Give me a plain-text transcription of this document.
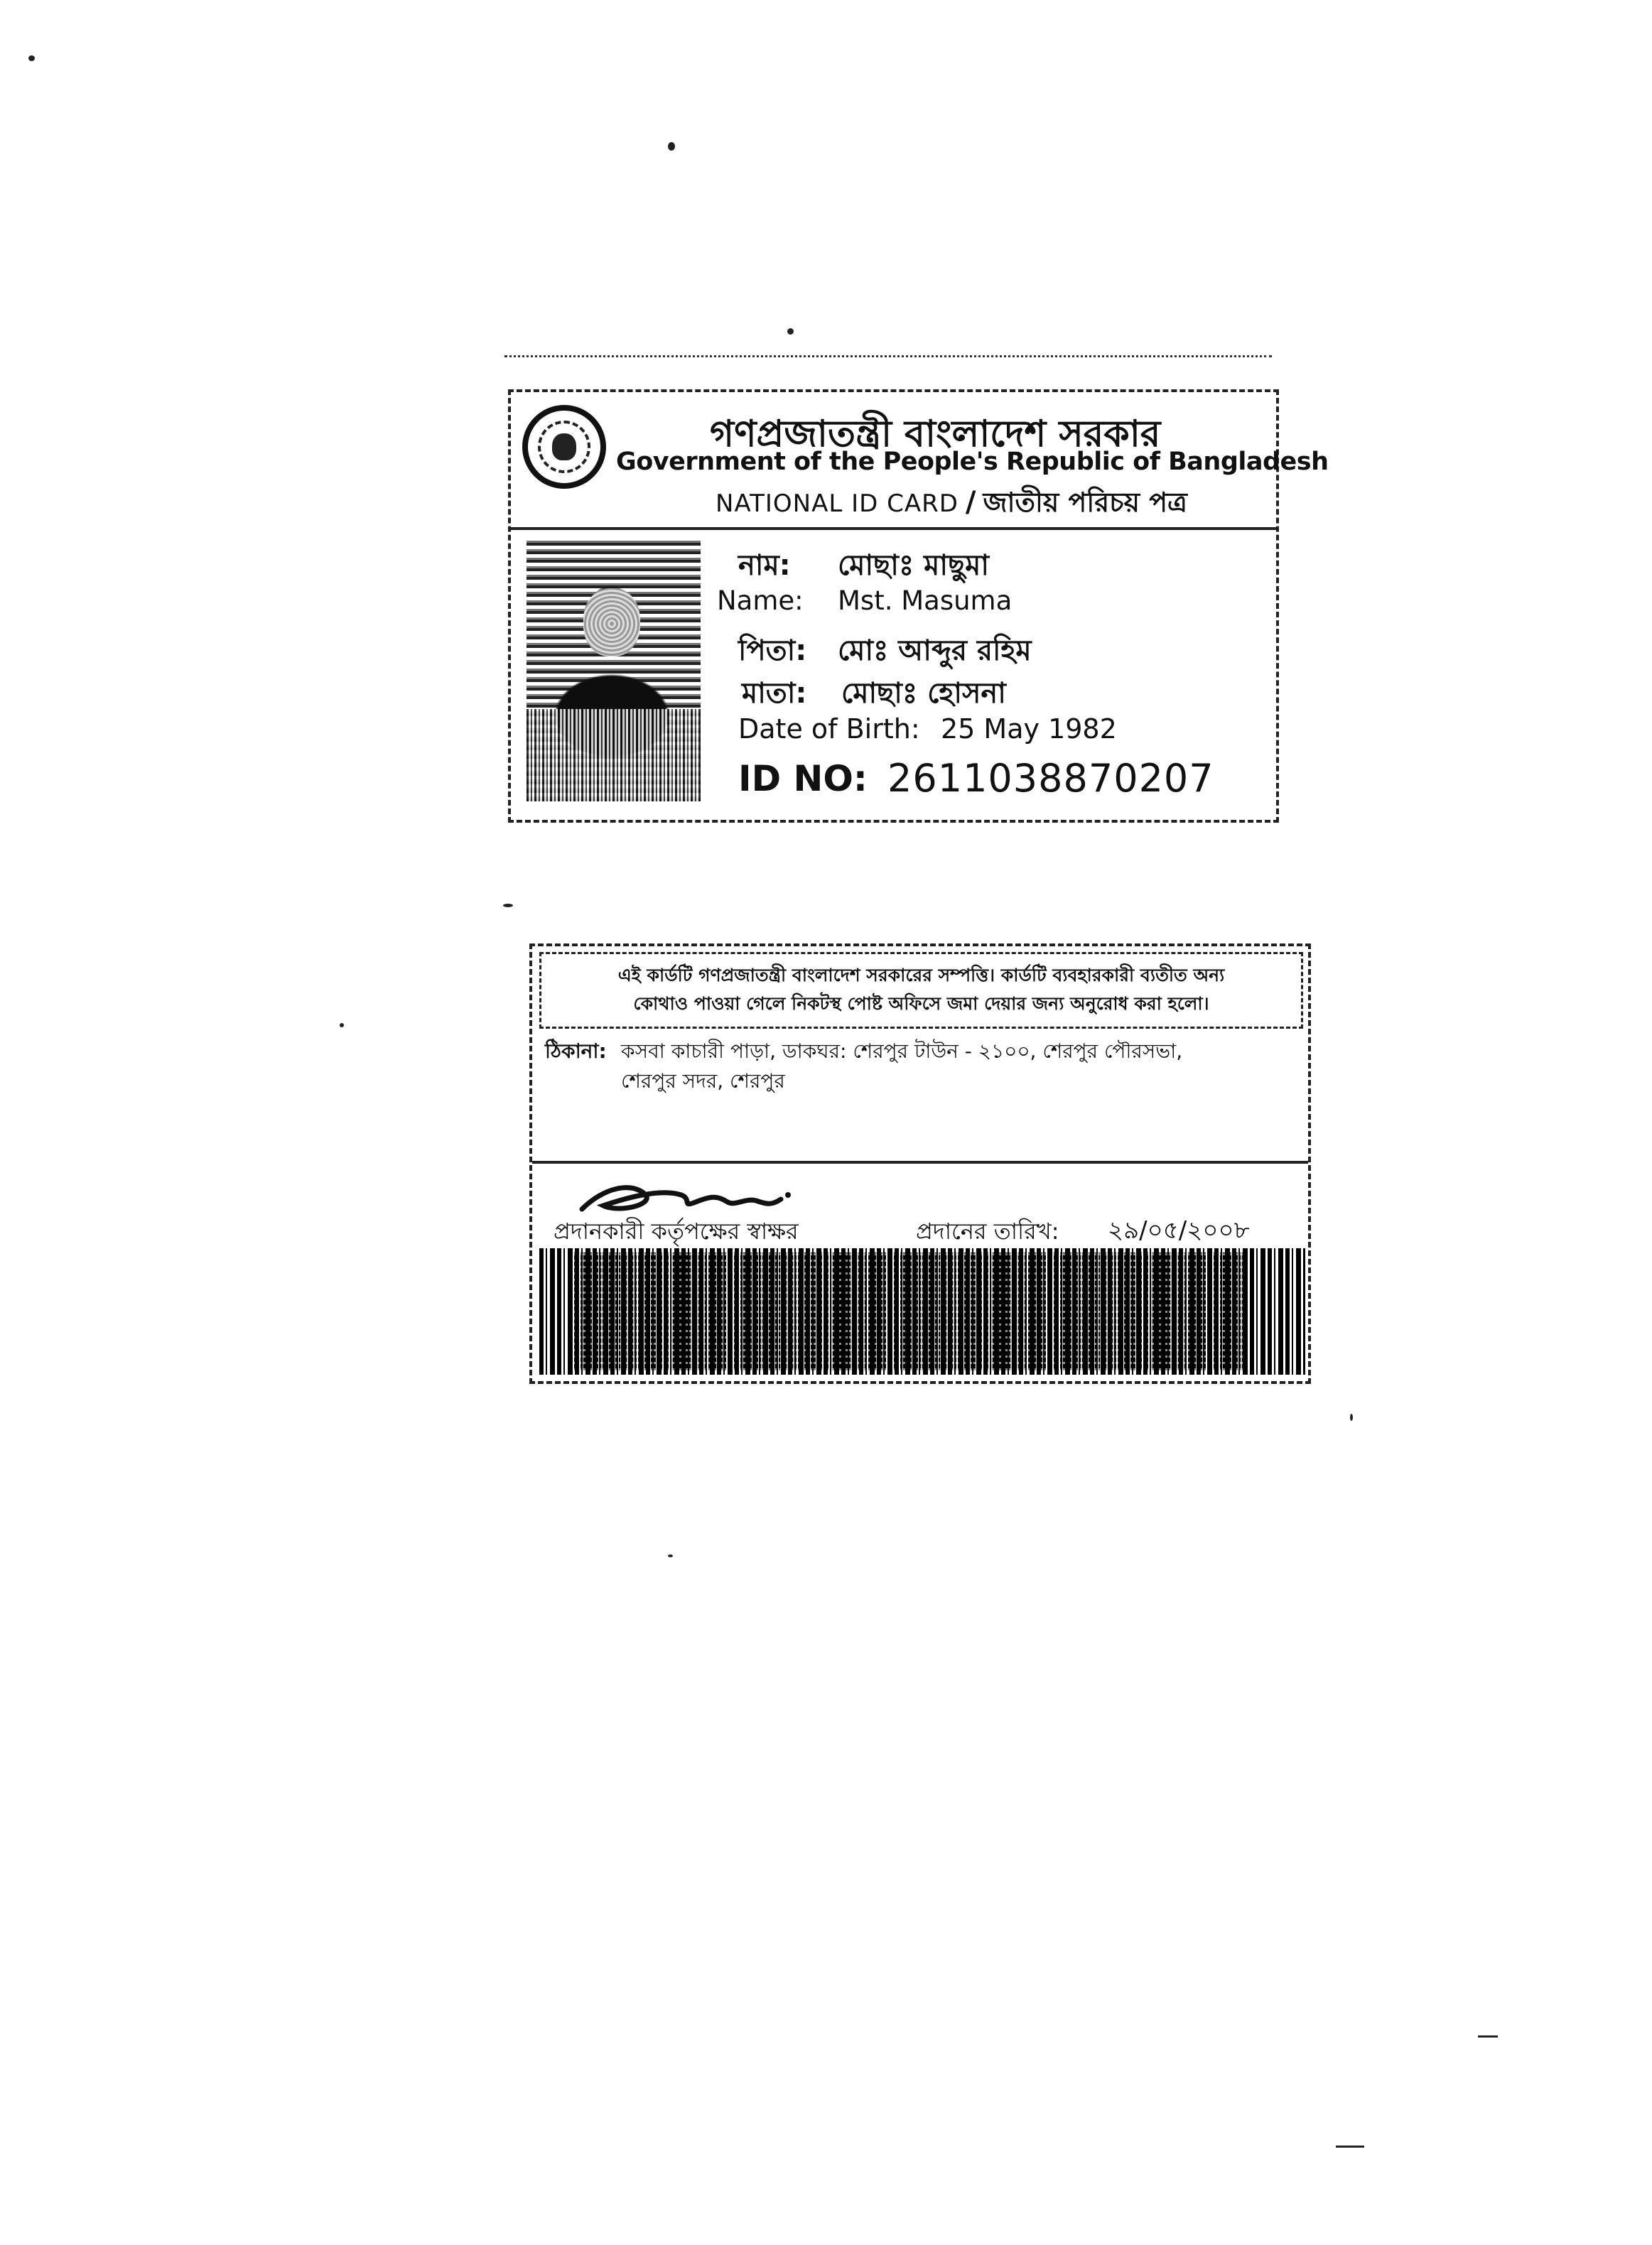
গণপ্রজাতন্ত্রী বাংলাদেশ সরকার
Government of the People's Republic of Bangladesh
NATIONAL ID CARD / জাতীয় পরিচয় পত্র
নাম: মোছাঃ মাছুমা
Name: Mst. Masuma
পিতা: মোঃ আব্দুর রহিম
মাতা: মোছাঃ হোসনা
Date of Birth: 25 May 1982
ID NO: 2611038870207
এই কার্ডটি গণপ্রজাতন্ত্রী বাংলাদেশ সরকারের সম্পত্তি। কার্ডটি ব্যবহারকারী ব্যতীত অন্য
কোথাও পাওয়া গেলে নিকটস্থ পোষ্ট অফিসে জমা দেয়ার জন্য অনুরোধ করা হলো।
ঠিকানা: কসবা কাচারী পাড়া, ডাকঘর: শেরপুর টাউন - ২১০০, শেরপুর পৌরসভা,
শেরপুর সদর, শেরপুর
প্রদানকারী কর্তৃপক্ষের স্বাক্ষর	প্রদানের তারিখ: ২৯/০৫/২০০৮
